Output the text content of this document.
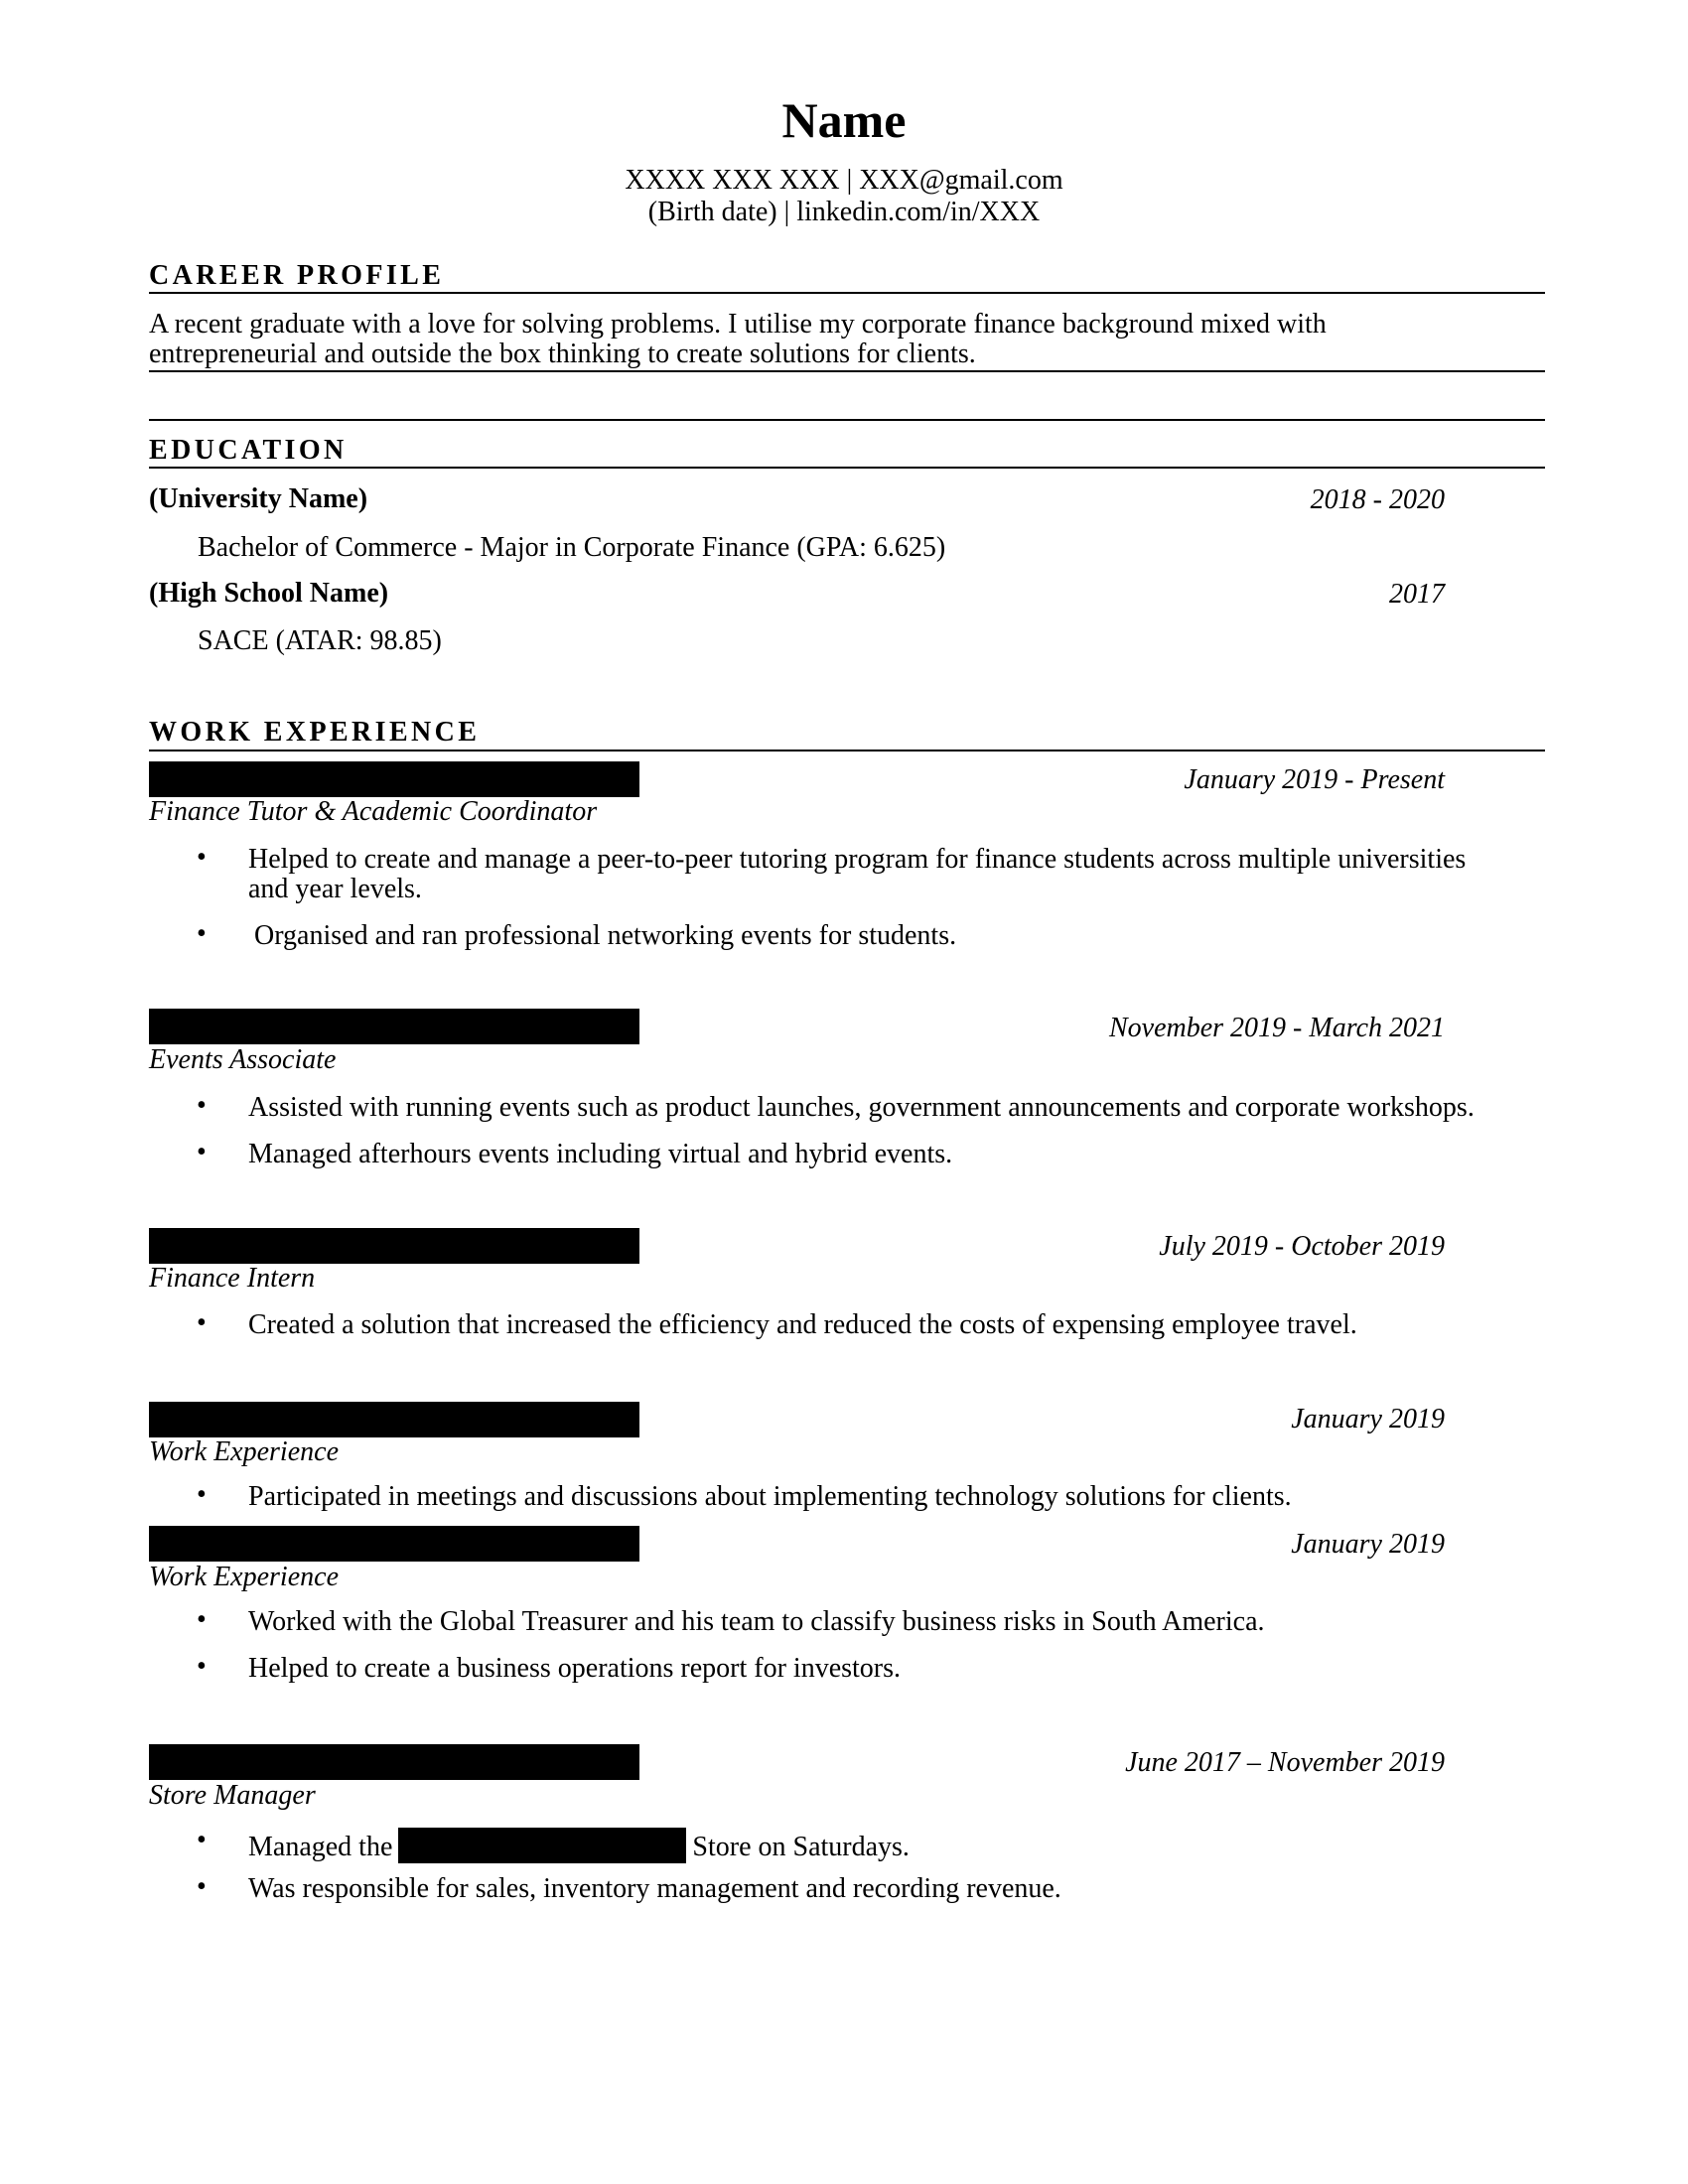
Name
XXXX XXX XXX | XXX@gmail.com
(Birth date) | linkedin.com/in/XXX
CAREER PROFILE
A recent graduate with a love for solving problems. I utilise my corporate finance background mixed with
entrepreneurial and outside the box thinking to create solutions for clients.
EDUCATION
(University Name)	2018 - 2020
Bachelor of Commerce - Major in Corporate Finance (GPA: 6.625)
(High School Name)	2017
SACE (ATAR: 98.85)
WORK EXPERIENCE
January 2019 - Present
Finance Tutor & Academic Coordinator
• Helped to create and manage a peer-to-peer tutoring program for finance students across multiple universities
and year levels.
• Organised and ran professional networking events for students.
November 2019 - March 2021
Events Associate
• Assisted with running events such as product launches, government announcements and corporate workshops.
• Managed afterhours events including virtual and hybrid events.
July 2019 - October 2019
Finance Intern
• Created a solution that increased the efficiency and reduced the costs of expensing employee travel.
January 2019
Work Experience
• Participated in meetings and discussions about implementing technology solutions for clients.
January 2019
Work Experience
• Worked with the Global Treasurer and his team to classify business risks in South America.
• Helped to create a business operations report for investors.
June 2017 – November 2019
Store Manager
• Managed the	Store on Saturdays.
• Was responsible for sales, inventory management and recording revenue.
